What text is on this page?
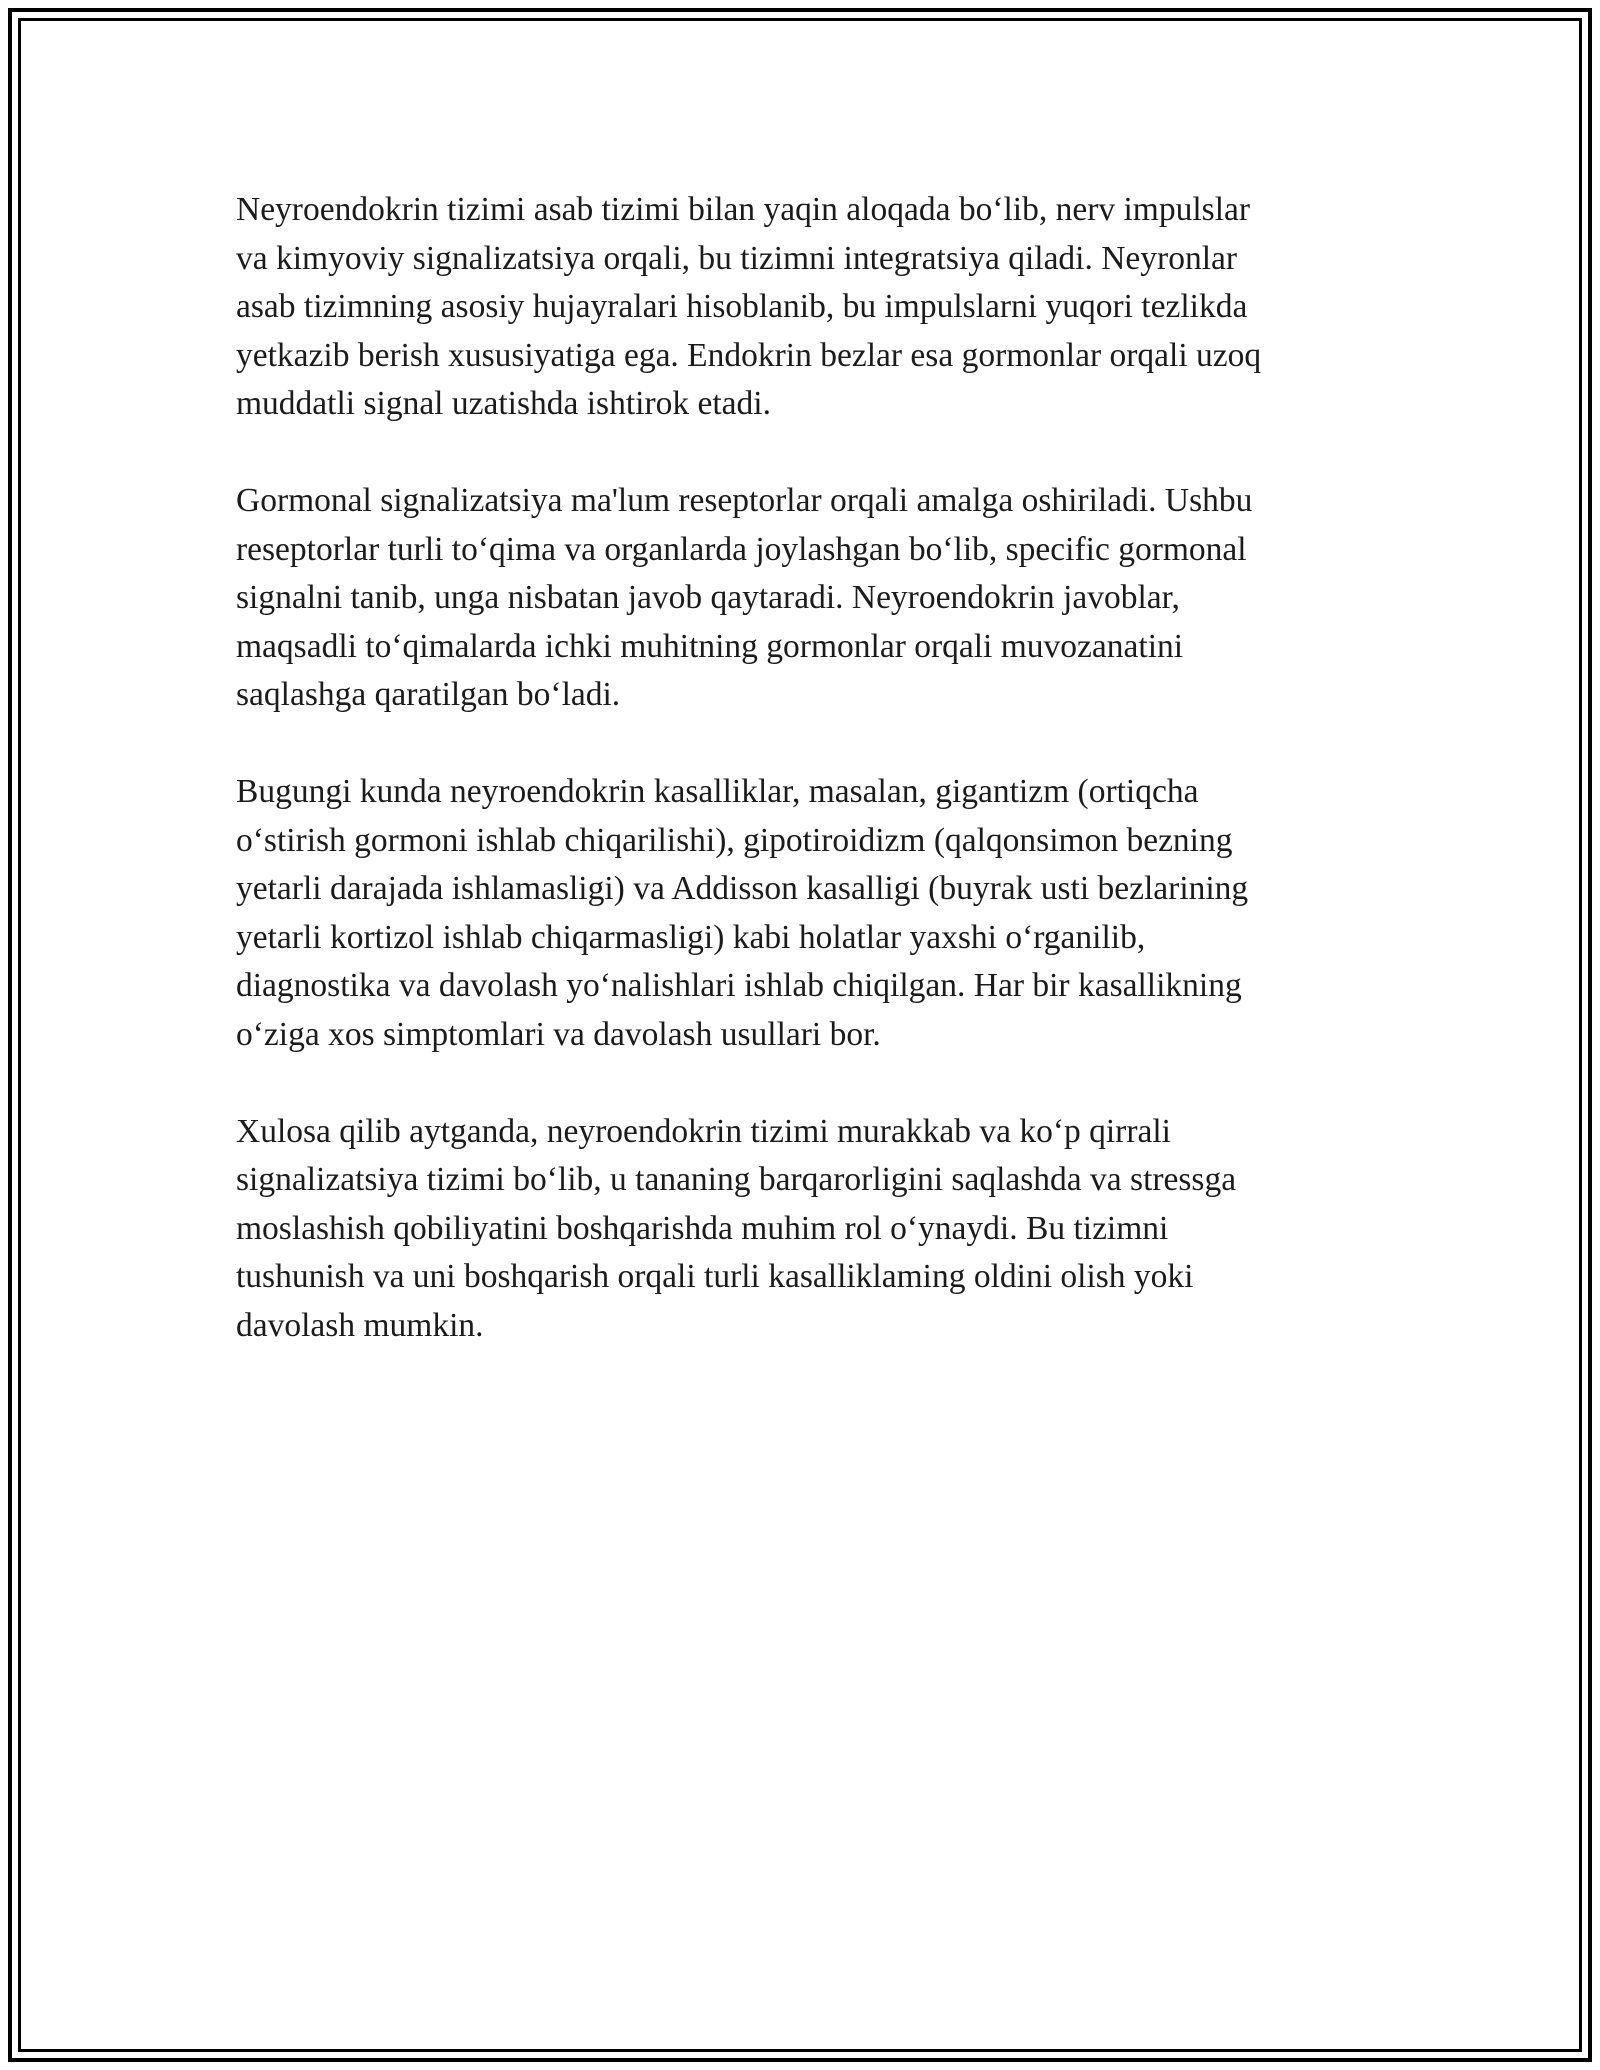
Neyroendokrin tizimi asab tizimi bilan yaqin aloqada bo‘lib, nerv impulslar
va kimyoviy signalizatsiya orqali, bu tizimni integratsiya qiladi. Neyronlar
asab tizimning asosiy hujayralari hisoblanib, bu impulslarni yuqori tezlikda
yetkazib berish xususiyatiga ega. Endokrin bezlar esa gormonlar orqali uzoq
muddatli signal uzatishda ishtirok etadi.

Gormonal signalizatsiya ma'lum reseptorlar orqali amalga oshiriladi. Ushbu
reseptorlar turli to‘qima va organlarda joylashgan bo‘lib, specific gormonal
signalni tanib, unga nisbatan javob qaytaradi. Neyroendokrin javoblar,
maqsadli to‘qimalarda ichki muhitning gormonlar orqali muvozanatini
saqlashga qaratilgan bo‘ladi.

Bugungi kunda neyroendokrin kasalliklar, masalan, gigantizm (ortiqcha
o‘stirish gormoni ishlab chiqarilishi), gipotiroidizm (qalqonsimon bezning
yetarli darajada ishlamasligi) va Addisson kasalligi (buyrak usti bezlarining
yetarli kortizol ishlab chiqarmasligi) kabi holatlar yaxshi o‘rganilib,
diagnostika va davolash yo‘nalishlari ishlab chiqilgan. Har bir kasallikning
o‘ziga xos simptomlari va davolash usullari bor.

Xulosa qilib aytganda, neyroendokrin tizimi murakkab va ko‘p qirrali
signalizatsiya tizimi bo‘lib, u tananing barqarorligini saqlashda va stressga
moslashish qobiliyatini boshqarishda muhim rol o‘ynaydi. Bu tizimni
tushunish va uni boshqarish orqali turli kasalliklaming oldini olish yoki
davolash mumkin.
